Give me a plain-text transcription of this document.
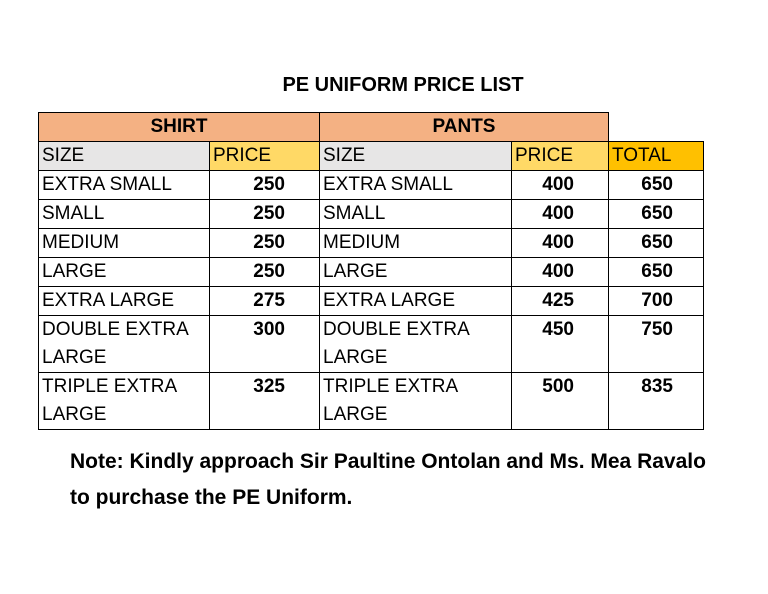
PE UNIFORM PRICE LIST
SHIRT		PANTS		
SIZE	PRICE	SIZE	PRICE	TOTAL
EXTRA SMALL	250	EXTRA SMALL	400	650
SMALL	250	SMALL	400	650
MEDIUM	250	MEDIUM	400	650
LARGE	250	LARGE	400	650
EXTRA LARGE	275	EXTRA LARGE	425	700
DOUBLE EXTRA LARGE	300	DOUBLE EXTRA LARGE	450	750
TRIPLE EXTRA LARGE	325	TRIPLE EXTRA LARGE	500	835
Note: Kindly approach Sir Paultine Ontolan and Ms. Mea Ravalo to purchase the PE Uniform.
